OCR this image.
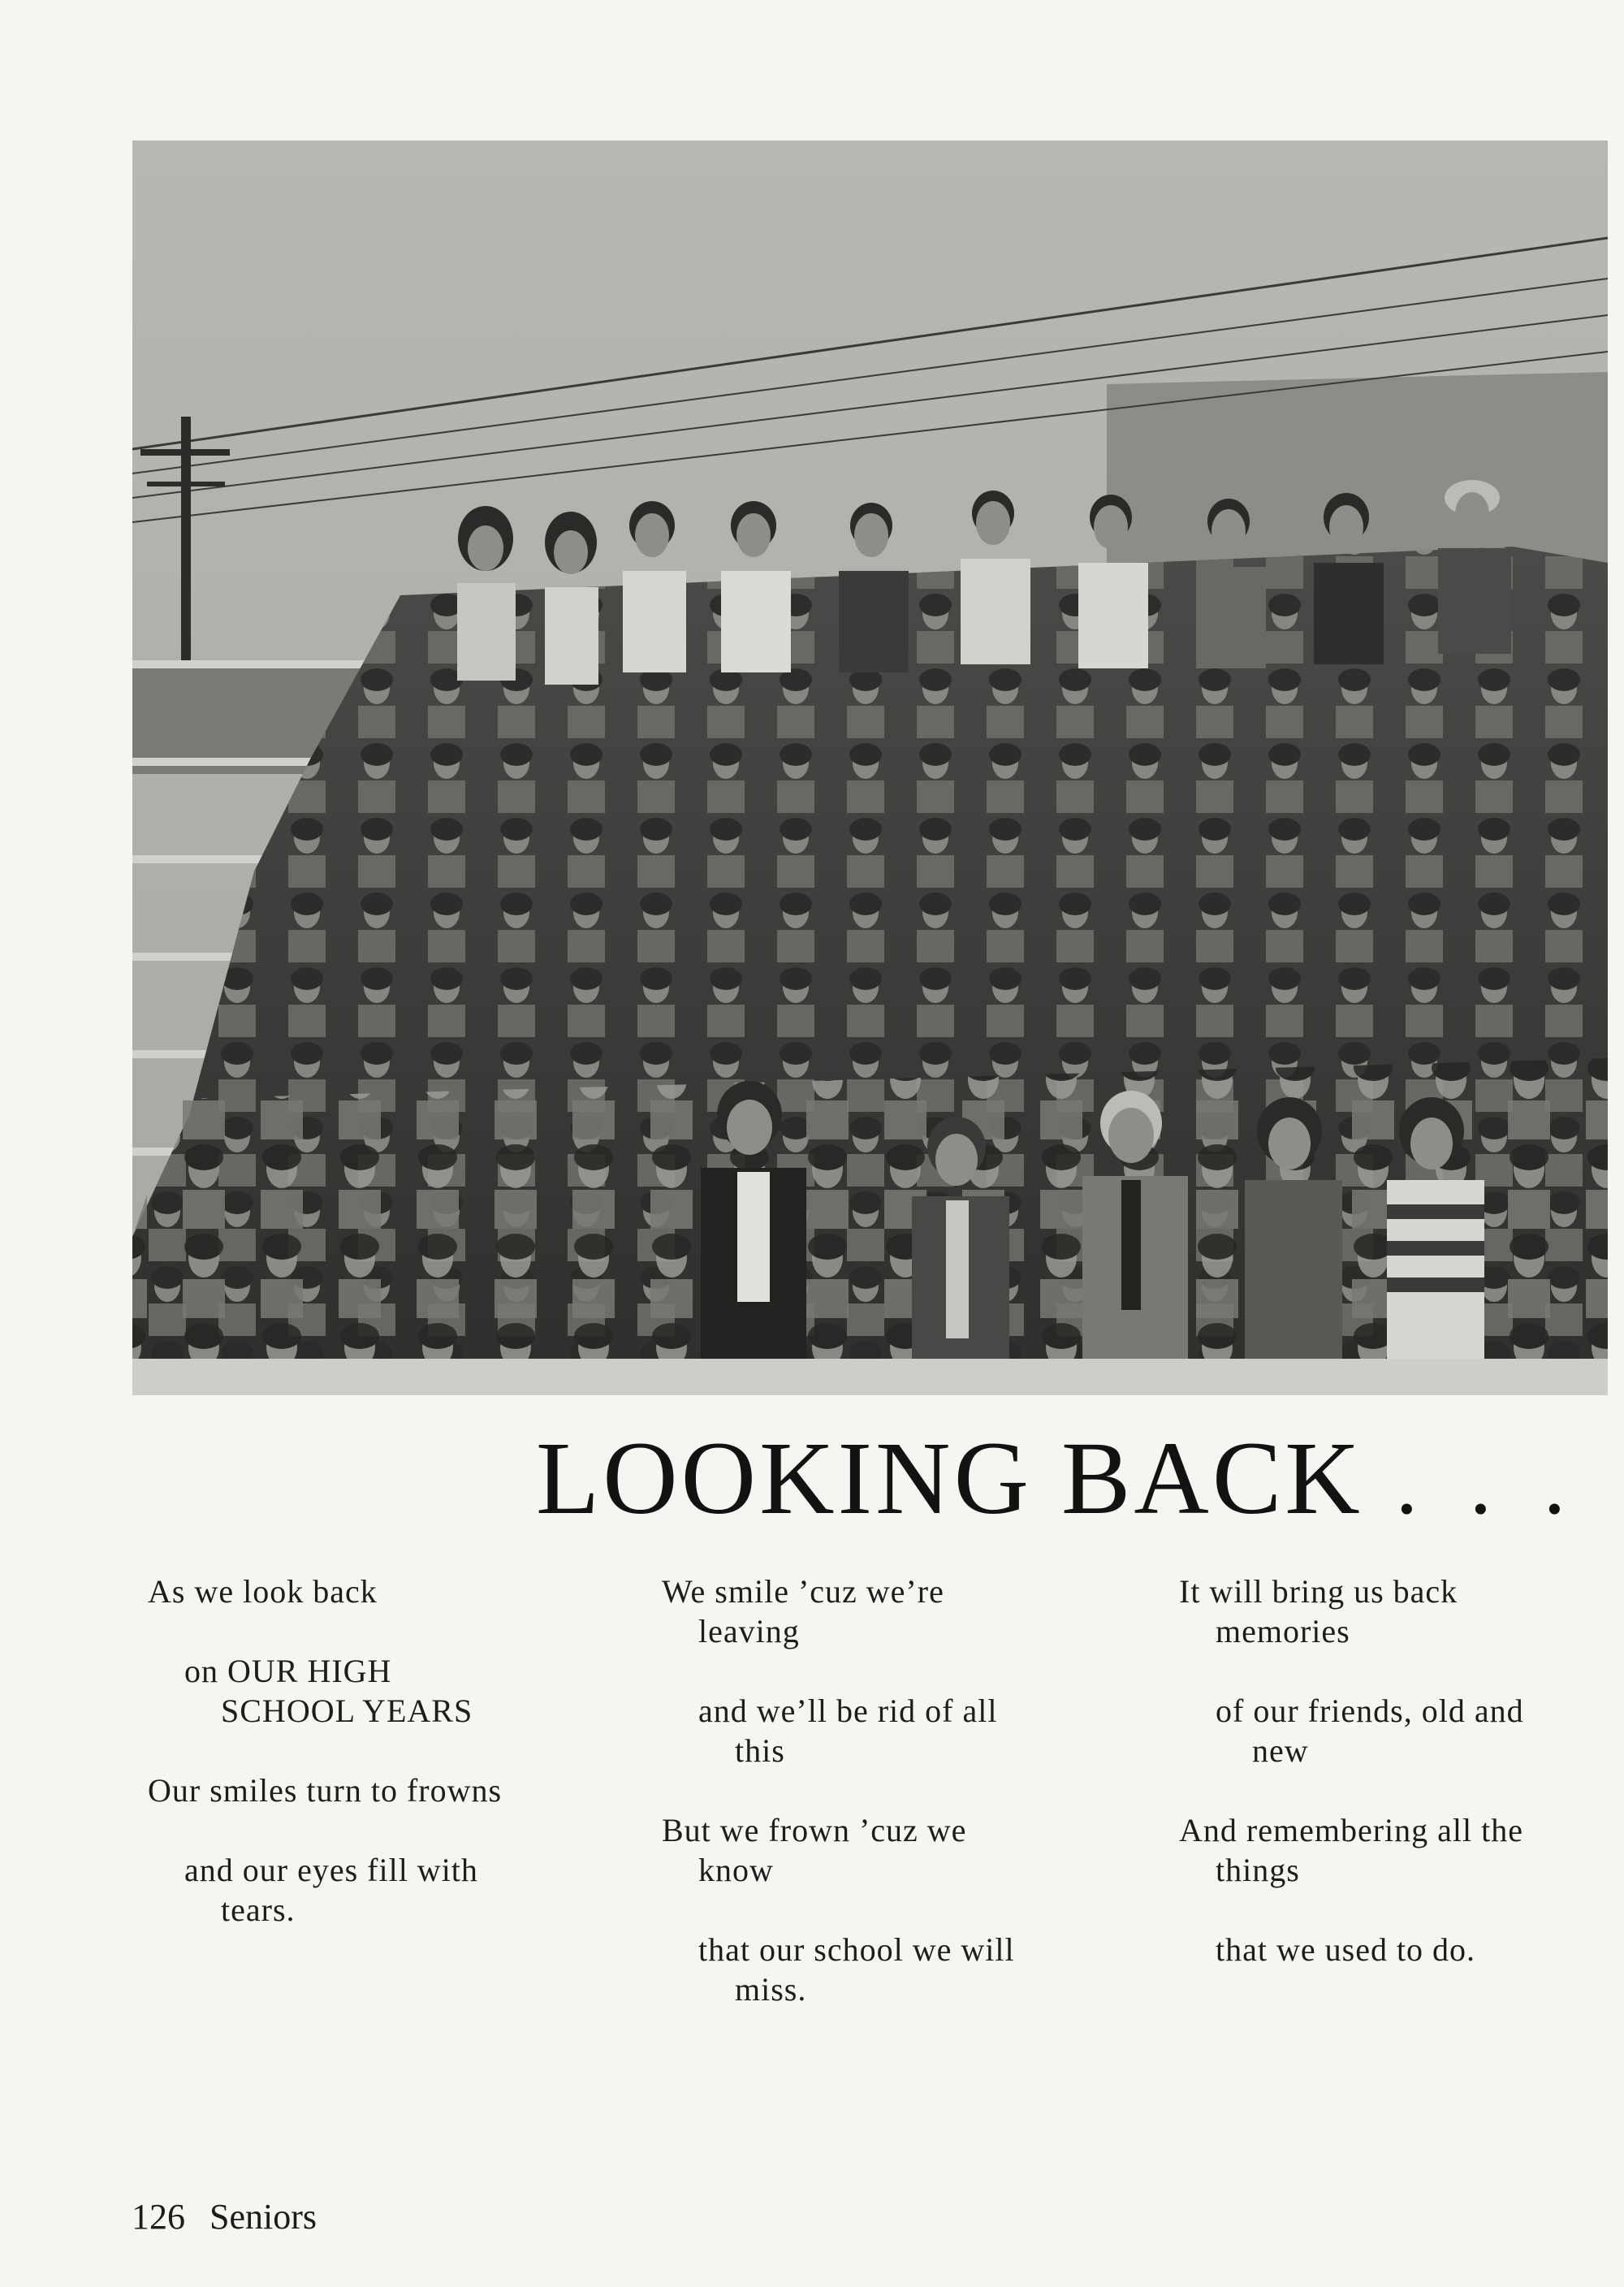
LOOKING BACK . . .
As we look back
on OUR HIGH
SCHOOL YEARS
Our smiles turn to frowns
and our eyes fill with
tears.
We smile ’cuz we’re
leaving
and we’ll be rid of all
this
But we frown ’cuz we
know
that our school we will
miss.
It will bring us back
memories
of our friends, old and
new
And remembering all the
things
that we used to do.
126 Seniors
